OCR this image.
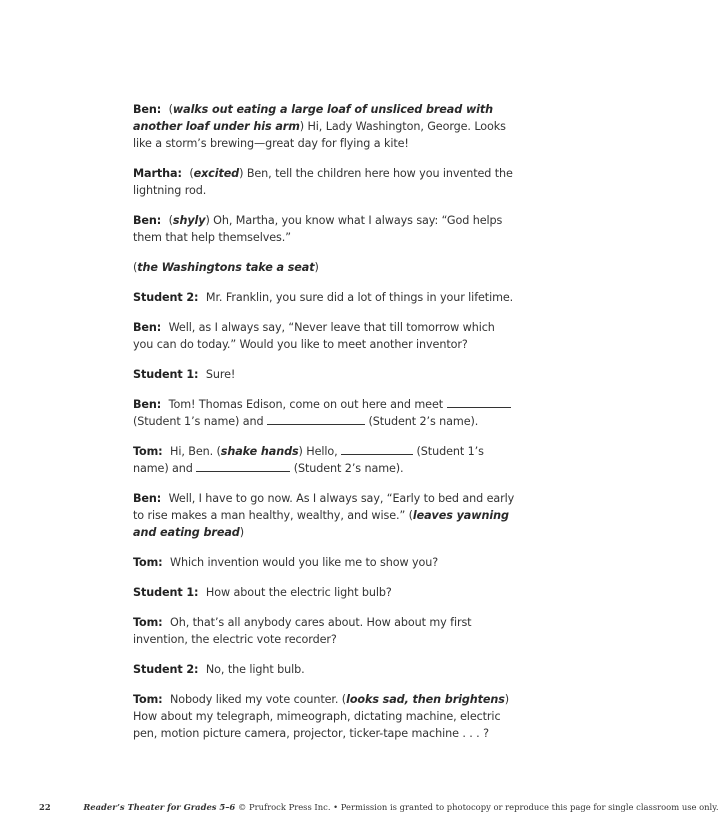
Ben: (walks out eating a large loaf of unsliced bread with another loaf under his arm) Hi, Lady Washington, George. Looks like a storm’s brewing—great day for flying a kite!

Martha: (excited) Ben, tell the children here how you invented the lightning rod.

Ben: (shyly) Oh, Martha, you know what I always say: “God helps them that help themselves.”

(the Washingtons take a seat)

Student 2: Mr. Franklin, you sure did a lot of things in your lifetime.

Ben: Well, as I always say, “Never leave that till tomorrow which you can do today.” Would you like to meet another inventor?

Student 1: Sure!

Ben: Tom! Thomas Edison, come on out here and meet  (Student 1’s name) and	(Student 2’s name).

Tom: Hi, Ben. (shake hands) Hello,	(Student 1’s name) and	(Student 2’s name).

Ben: Well, I have to go now. As I always say, “Early to bed and early to rise makes a man healthy, wealthy, and wise.” (leaves yawning and eating bread)

Tom: Which invention would you like me to show you?

Student 1: How about the electric light bulb?

Tom: Oh, that’s all anybody cares about. How about my first invention, the electric vote recorder?

Student 2: No, the light bulb.

Tom: Nobody liked my vote counter. (looks sad, then brightens) How about my telegraph, mimeograph, dictating machine, electric pen, motion picture camera, projector, ticker-tape machine . . . ?

22	Reader’s Theater for Grades 5–6 © Prufrock Press Inc. • Permission is granted to photocopy or reproduce this page for single classroom use only.
